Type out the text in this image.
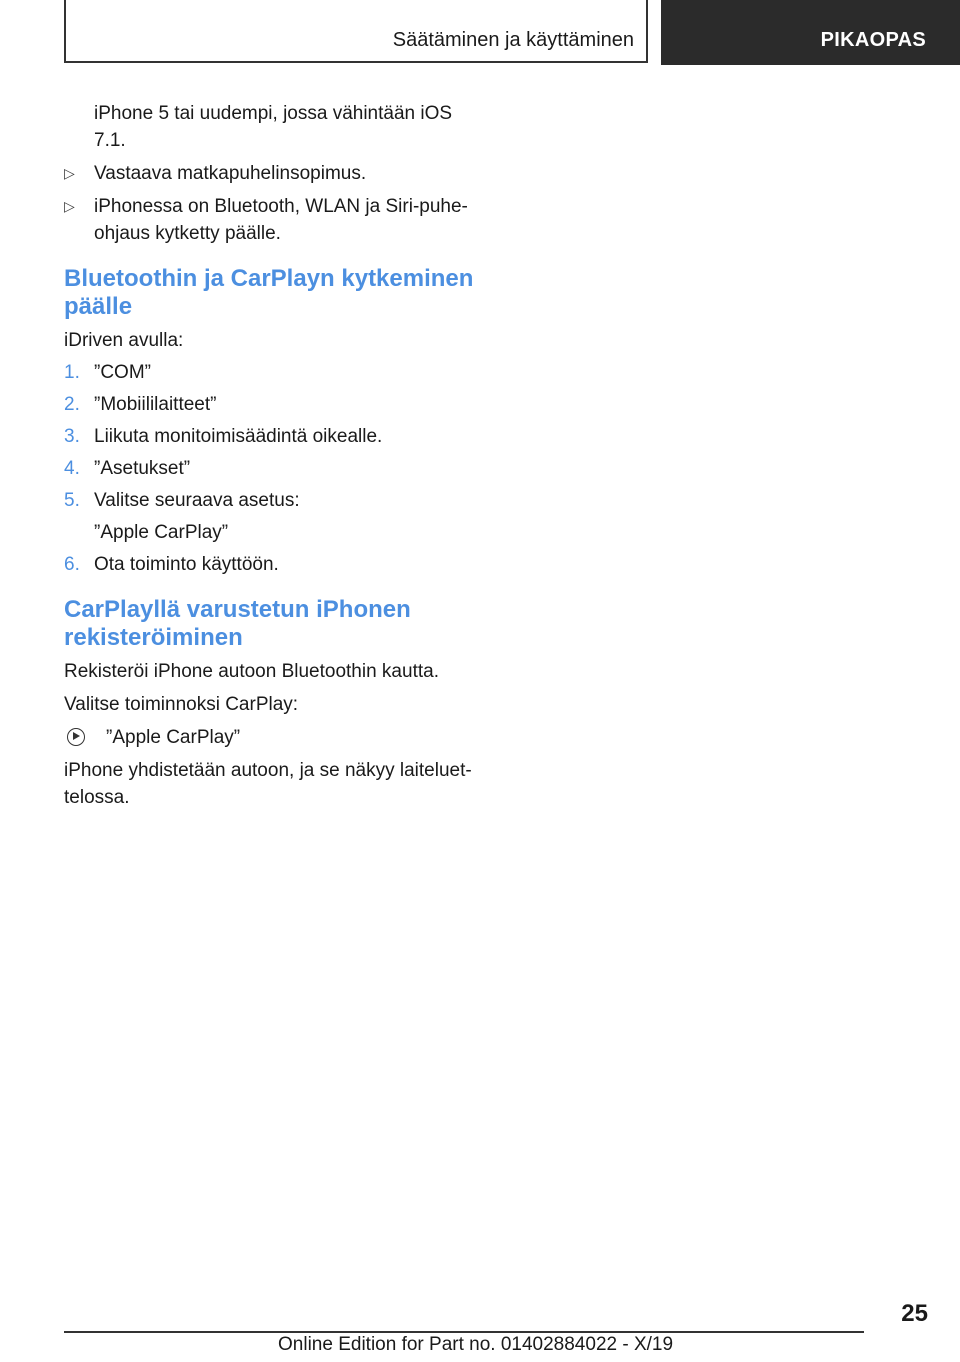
Säätäminen ja käyttäminen	PIKAOPAS
iPhone 5 tai uudempi, jossa vähintään iOS 7.1.
▷ Vastaava matkapuhelinsopimus.
▷ iPhonessa on Bluetooth, WLAN ja Siri-puhe-ohjaus kytketty päälle.
Bluetoothin ja CarPlayn kytkeminen päälle
iDriven avulla:
1. ”COM”
2. ”Mobiililaitteet”
3. Liikuta monitoimisäädintä oikealle.
4. ”Asetukset”
5. Valitse seuraava asetus:
”Apple CarPlay”
6. Ota toiminto käyttöön.
CarPlayllä varustetun iPhonen rekisteröiminen
Rekisteröi iPhone autoon Bluetoothin kautta.
Valitse toiminnoksi CarPlay:
”Apple CarPlay”
iPhone yhdistetään autoon, ja se näkyy laiteluet-telossa.
25
Online Edition for Part no. 01402884022 - X/19
